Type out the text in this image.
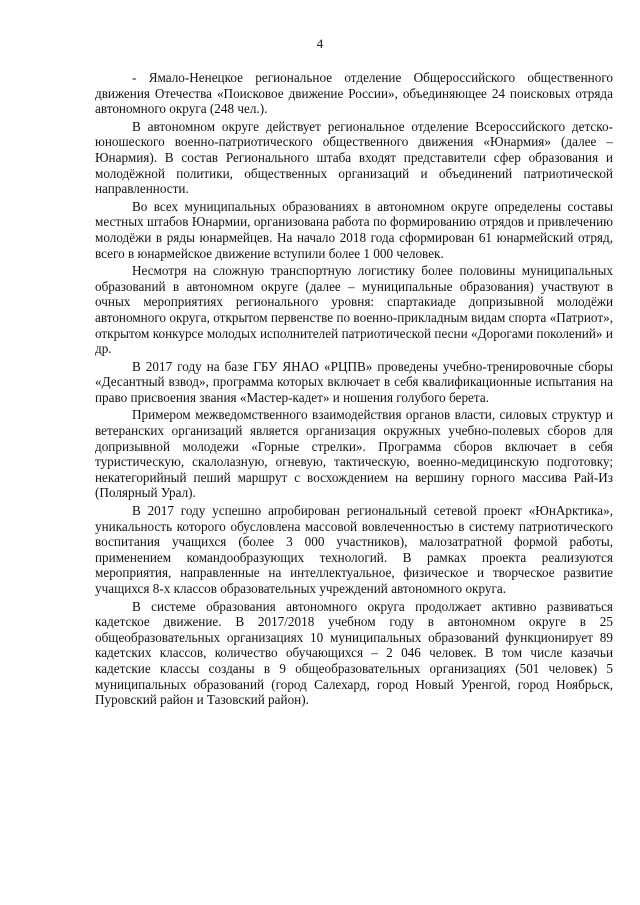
4

- Ямало-Ненецкое региональное отделение Общероссийского общественного движения Отечества «Поисковое движение России», объединяющее 24 поисковых отряда автономного округа (248 чел.).

В автономном округе действует региональное отделение Всероссийского детско-юношеского военно-патриотического общественного движения «Юнармия» (далее – Юнармия). В состав Регионального штаба входят представители сфер образования и молодёжной политики, общественных организаций и объединений патриотической направленности.

Во всех муниципальных образованиях в автономном округе определены составы местных штабов Юнармии, организована работа по формированию отрядов и привлечению молодёжи в ряды юнармейцев. На начало 2018 года сформирован 61 юнармейский отряд, всего в юнармейское движение вступили более 1 000 человек.

Несмотря на сложную транспортную логистику более половины муниципальных образований в автономном округе (далее – муниципальные образования) участвуют в очных мероприятиях регионального уровня: спартакиаде допризывной молодёжи автономного округа, открытом первенстве по военно-прикладным видам спорта «Патриот», открытом конкурсе молодых исполнителей патриотической песни «Дорогами поколений» и др.

В 2017 году на базе ГБУ ЯНАО «РЦПВ» проведены учебно-тренировочные сборы «Десантный взвод», программа которых включает в себя квалификационные испытания на право присвоения звания «Мастер-кадет» и ношения голубого берета.

Примером межведомственного взаимодействия органов власти, силовых структур и ветеранских организаций является организация окружных учебно-полевых сборов для допризывной молодежи «Горные стрелки». Программа сборов включает в себя туристическую, скалолазную, огневую, тактическую, военно-медицинскую подготовку; некатегорийный пеший маршрут с восхождением на вершину горного массива Рай-Из (Полярный Урал).

В 2017 году успешно апробирован региональный сетевой проект «ЮнАрктика», уникальность которого обусловлена массовой вовлеченностью в систему патриотического воспитания учащихся (более 3 000 участников), малозатратной формой работы, применением командообразующих технологий. В рамках проекта реализуются мероприятия, направленные на интеллектуальное, физическое и творческое развитие учащихся 8-х классов образовательных учреждений автономного округа.

В системе образования автономного округа продолжает активно развиваться кадетское движение. В 2017/2018 учебном году в автономном округе в 25 общеобразовательных организациях 10 муниципальных образований функционирует 89 кадетских классов, количество обучающихся – 2 046 человек. В том числе казачьи кадетские классы созданы в 9 общеобразовательных организациях (501 человек) 5 муниципальных образований (город Салехард, город Новый Уренгой, город Ноябрьск, Пуровский район и Тазовский район).
